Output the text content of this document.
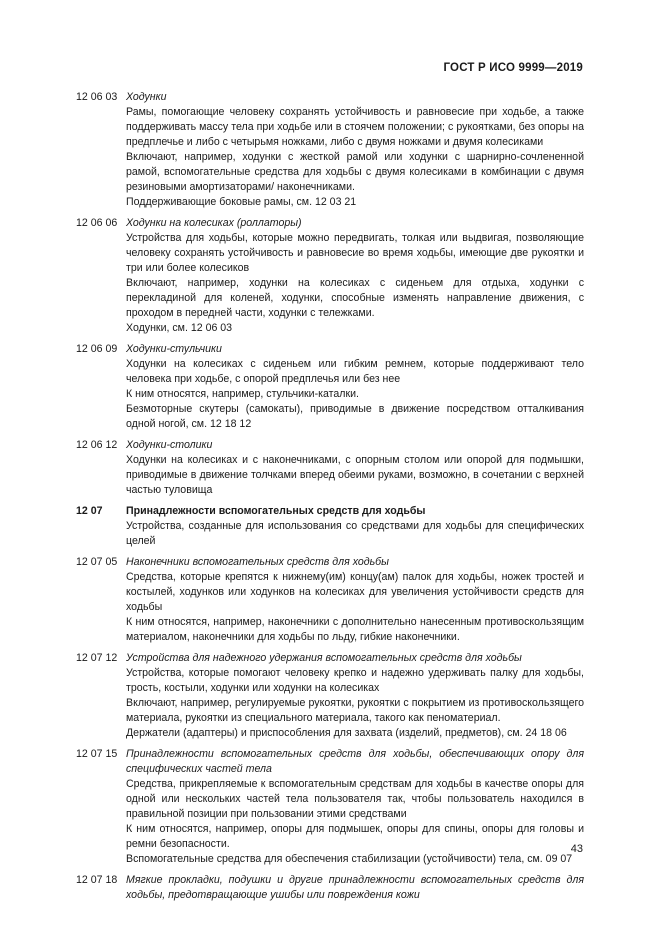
ГОСТ Р ИСО 9999—2019
12 06 03 Ходунки

Рамы, помогающие человеку сохранять устойчивость и равновесие при ходьбе, а также поддерживать массу тела при ходьбе или в стоячем положении; с рукоятками, без опоры на предплечье и либо с четырьмя ножками, либо с двумя ножками и двумя колесиками

Включают, например, ходунки с жесткой рамой или ходунки с шарнирно-сочлененной рамой, вспомогательные средства для ходьбы с двумя колесиками в комбинации с двумя резиновыми амортизаторами/ наконечниками.

Поддерживающие боковые рамы, см. 12 03 21

12 06 06 Ходунки на колесиках (роллаторы)

Устройства для ходьбы, которые можно передвигать, толкая или выдвигая, позволяющие человеку сохранять устойчивость и равновесие во время ходьбы, имеющие две рукоятки и три или более колесиков

Включают, например, ходунки на колесиках с сиденьем для отдыха, ходунки с перекладиной для коленей, ходунки, способные изменять направление движения, с проходом в передней части, ходунки с тележками.

Ходунки, см. 12 06 03

12 06 09 Ходунки-стульчики

Ходунки на колесиках с сиденьем или гибким ремнем, которые поддерживают тело человека при ходьбе, с опорой предплечья или без нее

К ним относятся, например, стульчики-каталки.

Безмоторные скутеры (самокаты), приводимые в движение посредством отталкивания одной ногой, см. 12 18 12

12 06 12 Ходунки-столики

Ходунки на колесиках и с наконечниками, с опорным столом или опорой для подмышки, приводимые в движение толчками вперед обеими руками, возможно, в сочетании с верхней частью туловища

12 07	Принадлежности вспомогательных средств для ходьбы

Устройства, созданные для использования со средствами для ходьбы для специфических целей

12 07 05 Наконечники вспомогательных средств для ходьбы

Средства, которые крепятся к нижнему(им) концу(ам) палок для ходьбы, ножек тростей и костылей, ходунков или ходунков на колесиках для увеличения устойчивости средств для ходьбы

К ним относятся, например, наконечники с дополнительно нанесенным противоскользящим материалом, наконечники для ходьбы по льду, гибкие наконечники.

12 07 12 Устройства для надежного удержания вспомогательных средств для ходьбы

Устройства, которые помогают человеку крепко и надежно удерживать палку для ходьбы, трость, костыли, ходунки или ходунки на колесиках

Включают, например, регулируемые рукоятки, рукоятки с покрытием из противоскользящего материала, рукоятки из специального материала, такого как пеноматериал.

Держатели (адаптеры) и приспособления для захвата (изделий, предметов), см. 24 18 06

12 07 15 Принадлежности вспомогательных средств для ходьбы, обеспечивающих опору для специфических частей тела

Средства, прикрепляемые к вспомогательным средствам для ходьбы в качестве опоры для одной или нескольких частей тела пользователя так, чтобы пользователь находился в правильной позиции при пользовании этими средствами

К ним относятся, например, опоры для подмышек, опоры для спины, опоры для головы и ремни безопасности.

Вспомогательные средства для обеспечения стабилизации (устойчивости) тела, см. 09 07

12 07 18 Мягкие прокладки, подушки и другие принадлежности вспомогательных средств для ходьбы, предотвращающие ушибы или повреждения кожи
43
